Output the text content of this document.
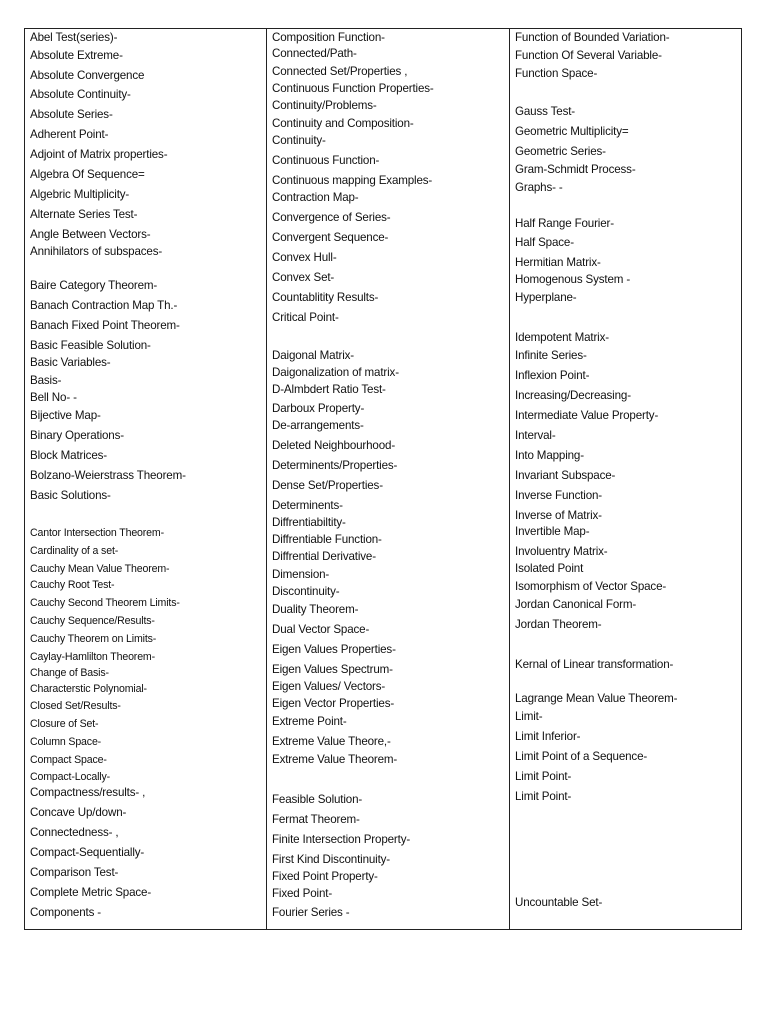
Abel Test(series)-
Absolute Extreme-
Absolute Convergence
Absolute Continuity-
Absolute Series-
Adherent Point-
Adjoint of Matrix properties-
Algebra Of Sequence=
Algebric Multiplicity-
Alternate Series Test-
Angle Between Vectors-
Annihilators of subspaces-
Baire Category Theorem-
Banach Contraction Map Th.-
Banach Fixed Point Theorem-
Basic Feasible Solution-
Basic Variables-
Basis-
Bell No- -
Bijective Map-
Binary Operations-
Block Matrices-
Bolzano-Weierstrass Theorem-
Basic Solutions-
Cantor Intersection Theorem-
Cardinality of a set-
Cauchy Mean Value Theorem-
Cauchy Root Test-
Cauchy Second Theorem Limits-
Cauchy Sequence/Results-
Cauchy Theorem on Limits-
Caylay-Hamlilton Theorem-
Change of Basis-
Characterstic Polynomial-
Closed Set/Results-
Closure of Set-
Column Space-
Compact Space-
Compact-Locally-
Compactness/results- ,
Concave Up/down-
Connectedness- ,
Compact-Sequentially-
Comparison Test-
Complete Metric Space-
Components -
Composition Function-
Connected/Path-
Connected Set/Properties ,
Continuous Function Properties-
Continuity/Problems-
Continuity and Composition-
Continuity-
Continuous Function-
Continuous mapping Examples-
Contraction Map-
Convergence of Series-
Convergent Sequence-
Convex Hull-
Convex Set-
Countablitity Results-
Critical Point-
Daigonal Matrix-
Daigonalization of matrix-
D-Almbdert Ratio Test-
Darboux Property-
De-arrangements-
Deleted Neighbourhood-
Determinents/Properties-
Dense Set/Properties-
Determinents-
Diffrentiabiltity-
Diffrentiable Function-
Diffrential Derivative-
Dimension-
Discontinuity-
Duality Theorem-
Dual Vector Space-
Eigen Values Properties-
Eigen Values Spectrum-
Eigen Values/ Vectors-
Eigen Vector Properties-
Extreme Point-
Extreme Value Theore,-
Extreme Value Theorem-
Feasible Solution-
Fermat Theorem-
Finite Intersection Property-
First Kind Discontinuity-
Fixed Point Property-
Fixed Point-
Fourier Series -
Function of Bounded Variation-
Function Of Several Variable-
Function Space-
Gauss Test-
Geometric Multiplicity=
Geometric Series-
Gram-Schmidt Process-
Graphs- -
Half Range Fourier-
Half Space-
Hermitian Matrix-
Homogenous System -
Hyperplane-
Idempotent Matrix-
Infinite Series-
Inflexion Point-
Increasing/Decreasing-
Intermediate Value Property-
Interval-
Into Mapping-
Invariant Subspace-
Inverse Function-
Inverse of Matrix-
Invertible Map-
Involuentry Matrix-
Isolated Point
Isomorphism of Vector Space-
Jordan Canonical Form-
Jordan Theorem-
Kernal of Linear transformation-
Lagrange Mean Value Theorem-
Limit-
Limit Inferior-
Limit Point of a Sequence-
Limit Point-
Limit Point-
Uncountable Set-
